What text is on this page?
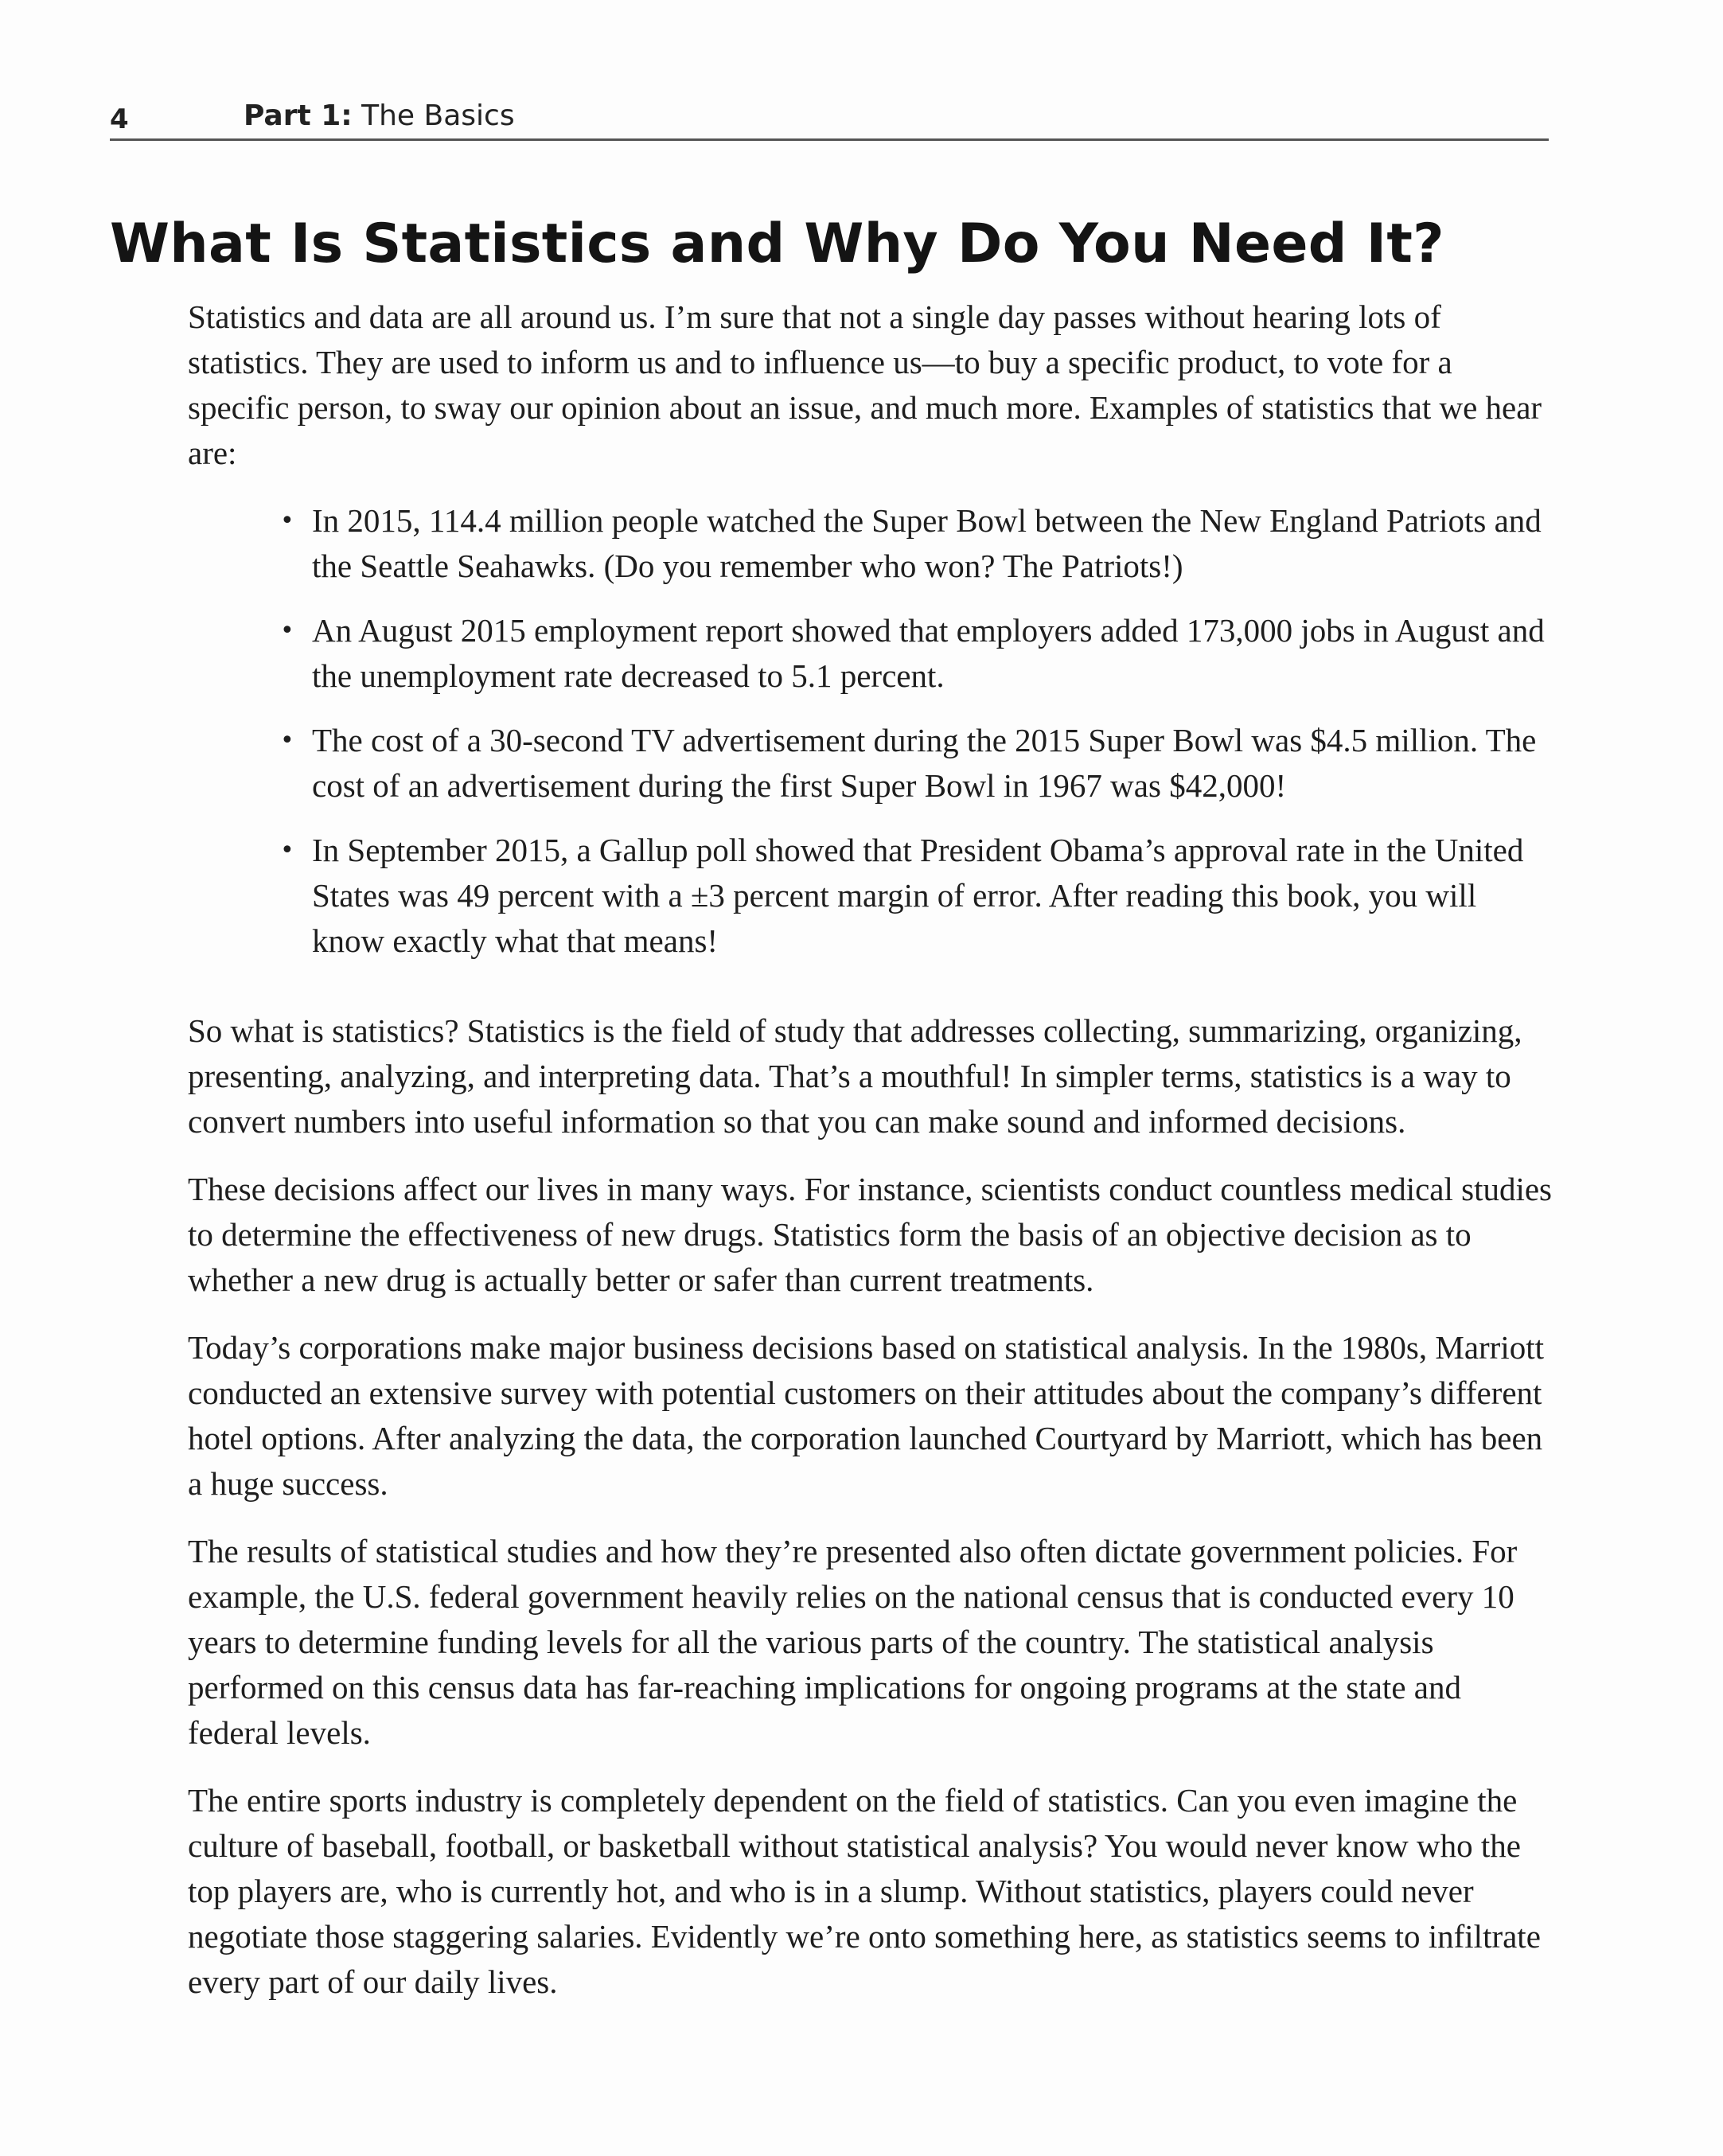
4	Part 1: The Basics
What Is Statistics and Why Do You Need It?

Statistics and data are all around us. I’m sure that not a single day passes without hearing lots of statistics. They are used to inform us and to influence us—to buy a specific product, to vote for a specific person, to sway our opinion about an issue, and much more. Examples of statistics that we hear are:

• In 2015, 114.4 million people watched the Super Bowl between the New England Patriots and the Seattle Seahawks. (Do you remember who won? The Patriots!)
• An August 2015 employment report showed that employers added 173,000 jobs in August and the unemployment rate decreased to 5.1 percent.
• The cost of a 30-second TV advertisement during the 2015 Super Bowl was $4.5 million. The cost of an advertisement during the first Super Bowl in 1967 was $42,000!
• In September 2015, a Gallup poll showed that President Obama’s approval rate in the United States was 49 percent with a ±3 percent margin of error. After reading this book, you will know exactly what that means!

So what is statistics? Statistics is the field of study that addresses collecting, summarizing, organizing, presenting, analyzing, and interpreting data. That’s a mouthful! In simpler terms, statistics is a way to convert numbers into useful information so that you can make sound and informed decisions.

These decisions affect our lives in many ways. For instance, scientists conduct countless medical studies to determine the effectiveness of new drugs. Statistics form the basis of an objective decision as to whether a new drug is actually better or safer than current treatments.

Today’s corporations make major business decisions based on statistical analysis. In the 1980s, Marriott conducted an extensive survey with potential customers on their attitudes about the company’s different hotel options. After analyzing the data, the corporation launched Courtyard by Marriott, which has been a huge success.

The results of statistical studies and how they’re presented also often dictate government policies. For example, the U.S. federal government heavily relies on the national census that is conducted every 10 years to determine funding levels for all the various parts of the country. The statistical analysis performed on this census data has far-reaching implications for ongoing programs at the state and federal levels.

The entire sports industry is completely dependent on the field of statistics. Can you even imagine the culture of baseball, football, or basketball without statistical analysis? You would never know who the top players are, who is currently hot, and who is in a slump. Without statistics, players could never negotiate those staggering salaries. Evidently we’re onto something here, as statistics seems to infiltrate every part of our daily lives.
